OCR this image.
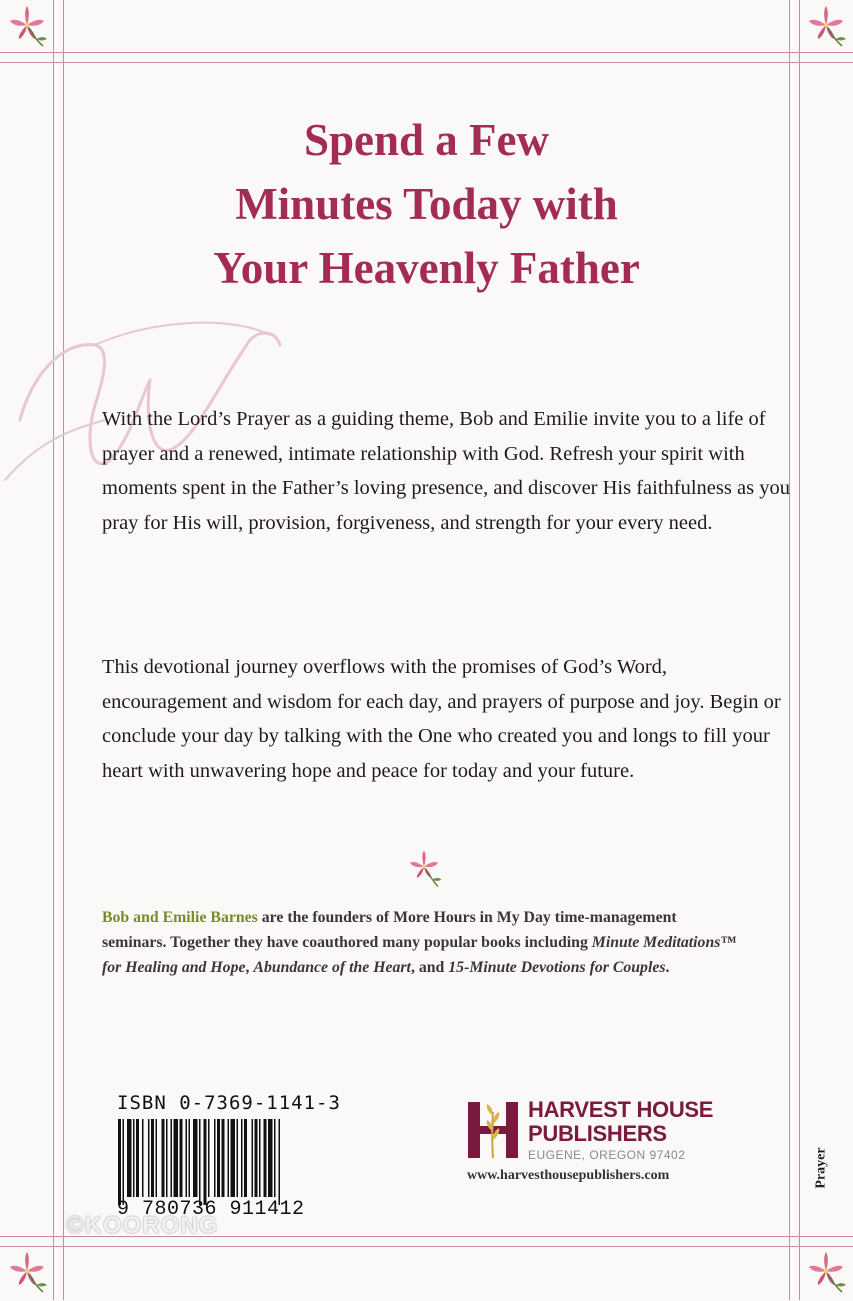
Spend a Few
Minutes Today with
Your Heavenly Father

With the Lord’s Prayer as a guiding theme, Bob and Emilie invite you to a life of prayer and a renewed, intimate relationship with God. Refresh your spirit with moments spent in the Father’s loving presence, and discover His faithfulness as you pray for His will, provision, forgiveness, and strength for your every need.

This devotional journey overflows with the promises of God’s Word, encouragement and wisdom for each day, and prayers of purpose and joy. Begin or conclude your day by talking with the One who created you and longs to fill your heart with unwavering hope and peace for today and your future.

Bob and Emilie Barnes are the founders of More Hours in My Day time-management seminars. Together they have coauthored many popular books including Minute Meditations™ for Healing and Hope, Abundance of the Heart, and 15-Minute Devotions for Couples.

ISBN 0-7369-1141-3
9 780736 911412
©KOORONG
HARVEST HOUSE
PUBLISHERS
EUGENE, OREGON 97402
www.harvesthousepublishers.com	Prayer
